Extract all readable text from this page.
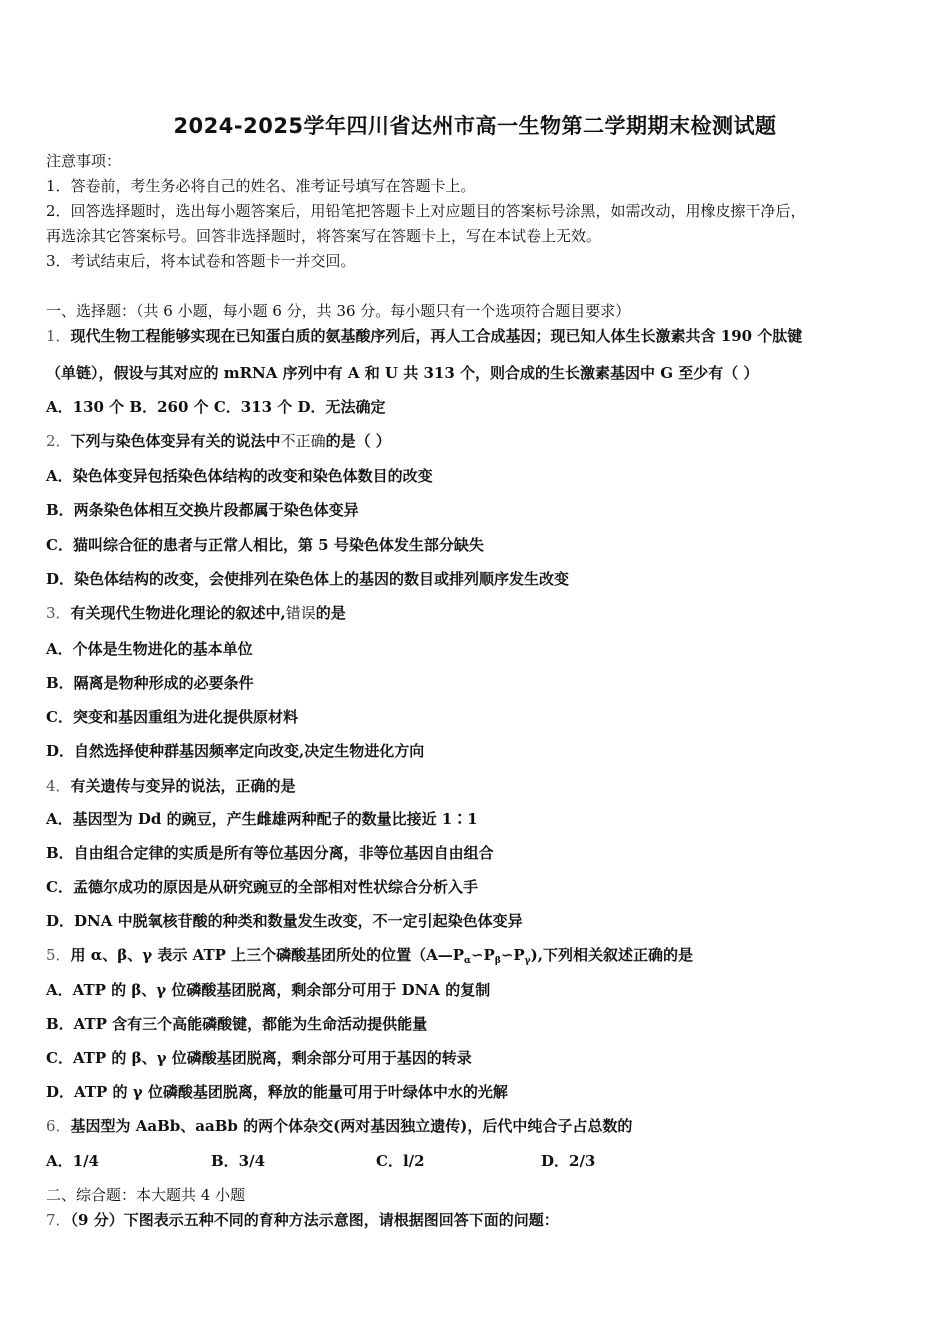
2024-2025学年四川省达州市高一生物第二学期期末检测试题
注意事项：
1．答卷前，考生务必将自己的姓名、准考证号填写在答题卡上。
2．回答选择题时，选出每小题答案后，用铅笔把答题卡上对应题目的答案标号涂黑，如需改动，用橡皮擦干净后，
再选涂其它答案标号。回答非选择题时，将答案写在答题卡上，写在本试卷上无效。
3．考试结束后，将本试卷和答题卡一并交回。
一、选择题：（共 6 小题，每小题 6 分，共 36 分。每小题只有一个选项符合题目要求）
1．现代生物工程能够实现在已知蛋白质的氨基酸序列后，再人工合成基因；现已知人体生长激素共含 190 个肽键
（单链），假设与其对应的 mRNA 序列中有 A 和 U 共 313 个，则合成的生长激素基因中 G 至少有（ ）
A．130 个 B．260 个 C．313 个 D．无法确定
2．下列与染色体变异有关的说法中不正确的是（ ）
A．染色体变异包括染色体结构的改变和染色体数目的改变
B．两条染色体相互交换片段都属于染色体变异
C．猫叫综合征的患者与正常人相比，第 5 号染色体发生部分缺失
D．染色体结构的改变，会使排列在染色体上的基因的数目或排列顺序发生改变
3．有关现代生物进化理论的叙述中,错误的是
A．个体是生物进化的基本单位
B．隔离是物种形成的必要条件
C．突变和基因重组为进化提供原材料
D．自然选择使种群基因频率定向改变,决定生物进化方向
4．有关遗传与变异的说法，正确的是
A．基因型为 Dd 的豌豆，产生雌雄两种配子的数量比接近 1∶1
B．自由组合定律的实质是所有等位基因分离，非等位基因自由组合
C．孟德尔成功的原因是从研究豌豆的全部相对性状综合分析入手
D．DNA 中脱氧核苷酸的种类和数量发生改变，不一定引起染色体变异
5．用 α、β、γ 表示 ATP 上三个磷酸基团所处的位置$(A—P_\alpha∽P_\beta∽P_\gamma)$,下列相关叙述正确的是
A．ATP 的 β、γ 位磷酸基团脱离，剩余部分可用于 DNA 的复制
B．ATP 含有三个高能磷酸键，都能为生命活动提供能量
C．ATP 的 β、γ 位磷酸基团脱离，剩余部分可用于基因的转录
D．ATP 的 γ 位磷酸基团脱离，释放的能量可用于叶绿体中水的光解
6．基因型为 AaBb、aaBb 的两个体杂交(两对基因独立遗传)，后代中纯合子占总数的
A．1/4	B．3/4	C．l/2	D．2/3
二、综合题：本大题共 4 小题
7．（9 分）下图表示五种不同的育种方法示意图，请根据图回答下面的问题：
